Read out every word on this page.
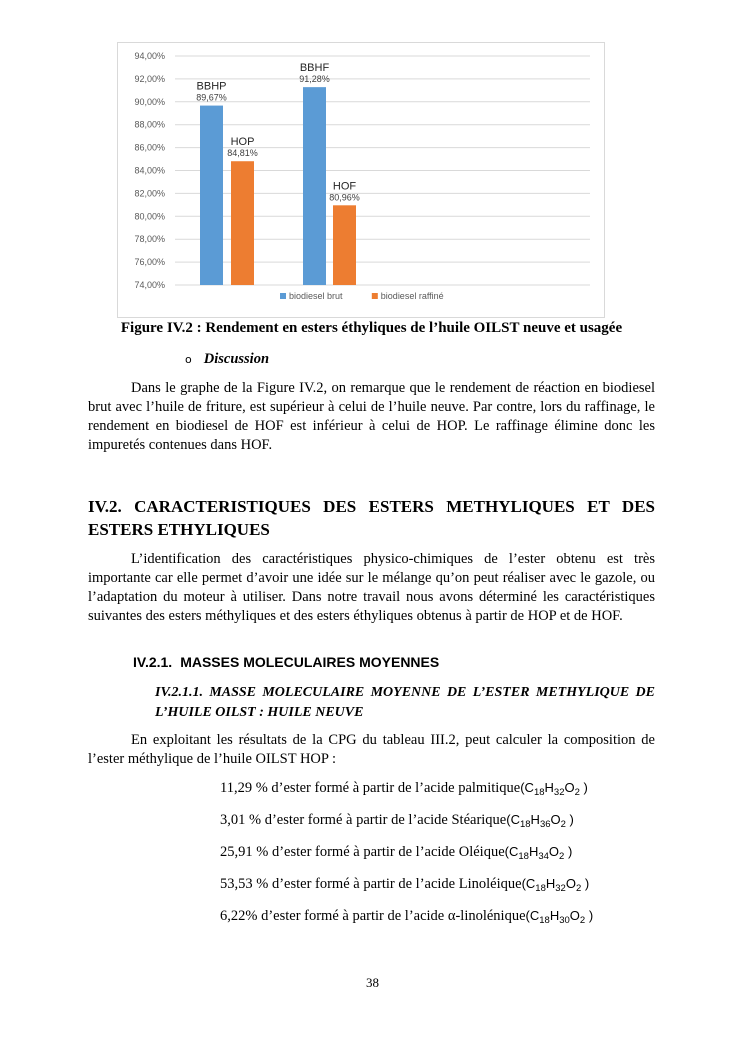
74,00%
76,00%
78,00%
80,00%
82,00%
84,00%
86,00%
88,00%
90,00%
92,00%
94,00%
89,67%
BBHP
84,81%
HOP
91,28%
BBHF
80,96%
HOF
biodiesel brut	biodiesel raffiné
Figure IV.2 : Rendement en esters éthyliques de l’huile OILST neuve et usagée
o Discussion

Dans le graphe de la Figure IV.2, on remarque que le rendement de réaction en biodiesel brut avec l’huile de friture, est supérieur à celui de l’huile neuve. Par contre, lors du raffinage, le rendement en biodiesel de HOF est inférieur à celui de HOP. Le raffinage élimine donc les impuretés contenues dans HOF.

IV.2. CARACTERISTIQUES DES ESTERS METHYLIQUES ET DES ESTERS ETHYLIQUES

L’identification des caractéristiques physico-chimiques de l’ester obtenu est très importante car elle permet d’avoir une idée sur le mélange qu’on peut réaliser avec le gazole, ou l’adaptation du moteur à utiliser. Dans notre travail nous avons déterminé les caractéristiques suivantes des esters méthyliques et des esters éthyliques obtenus à partir de HOP et de HOF.

IV.2.1. MASSES MOLECULAIRES MOYENNES
IV.2.1.1. MASSE MOLECULAIRE MOYENNE DE L’ESTER METHYLIQUE DE L’HUILE OILST : HUILE NEUVE

En exploitant les résultats de la CPG du tableau III.2, peut calculer la composition de l’ester méthylique de l’huile OILST HOP :

11,29 % d’ester formé à partir de l’acide $palmitique(C_{18}H_{32}O_2$ )
3,01 % d’ester formé à partir de l’acide $Stéarique(C_{18}H_{36}O_2$ )
25,91 % d’ester formé à partir de l’acide $Oléique(C_{18}H_{34}O_2$ )
53,53 % d’ester formé à partir de l’acide $Linoléique(C_{18}H_{32}O_2$ )
6,22% d’ester formé à partir de l’acide $\alpha-linolénique(C_{18}H_{30}O_2$ )
38
